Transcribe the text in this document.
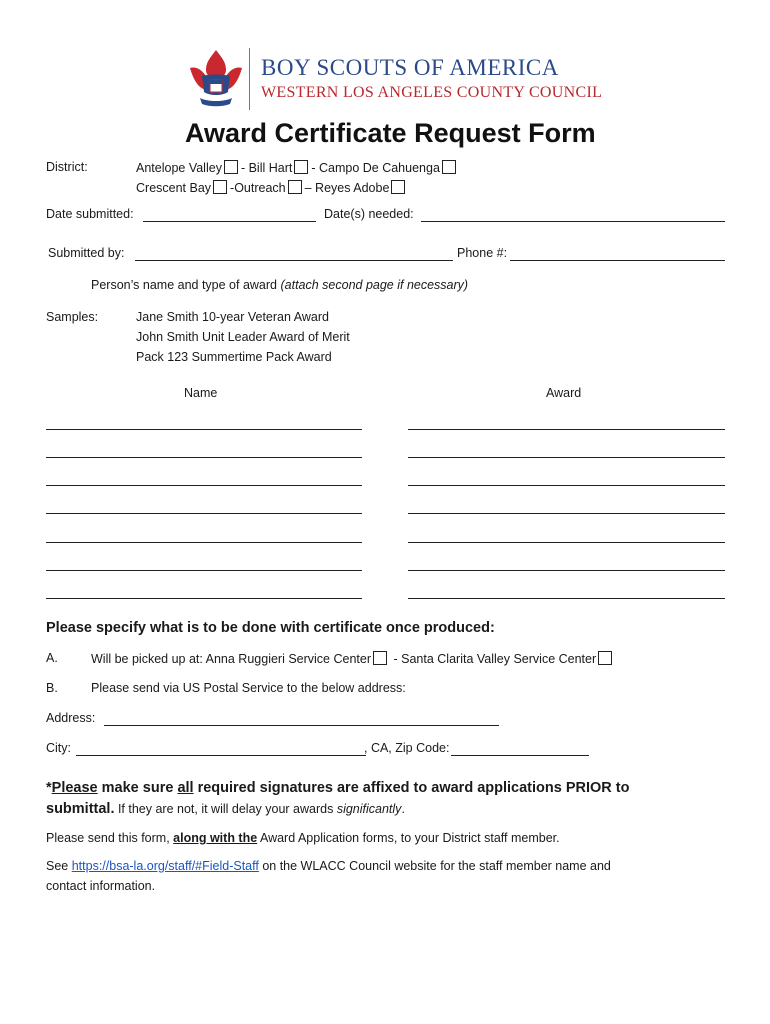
BOY SCOUTS OF AMERICA
WESTERN LOS ANGELES COUNTY COUNCIL
Award Certificate Request Form
District:	Antelope Valley - Bill Hart - Campo De Cahuenga
Crescent Bay -Outreach – Reyes Adobe
Date submitted:	Date(s) needed:
Submitted by:	Phone #:
Person’s name and type of award (attach second page if necessary)
Samples:	Jane Smith 10-year Veteran Award
John Smith Unit Leader Award of Merit
Pack 123 Summertime Pack Award
Name	Award
Please specify what is to be done with certificate once produced:
A.	Will be picked up at: Anna Ruggieri Service Center - Santa Clarita Valley Service Center
B.	Please send via US Postal Service to the below address:
Address:
City:	, CA, Zip Code:
*Please make sure all required signatures are affixed to award applications PRIOR to
submittal. If they are not, it will delay your awards significantly.
Please send this form, along with the Award Application forms, to your District staff member.
See https://bsa-la.org/staff/#Field-Staff on the WLACC Council website for the staff member name and
contact information.
